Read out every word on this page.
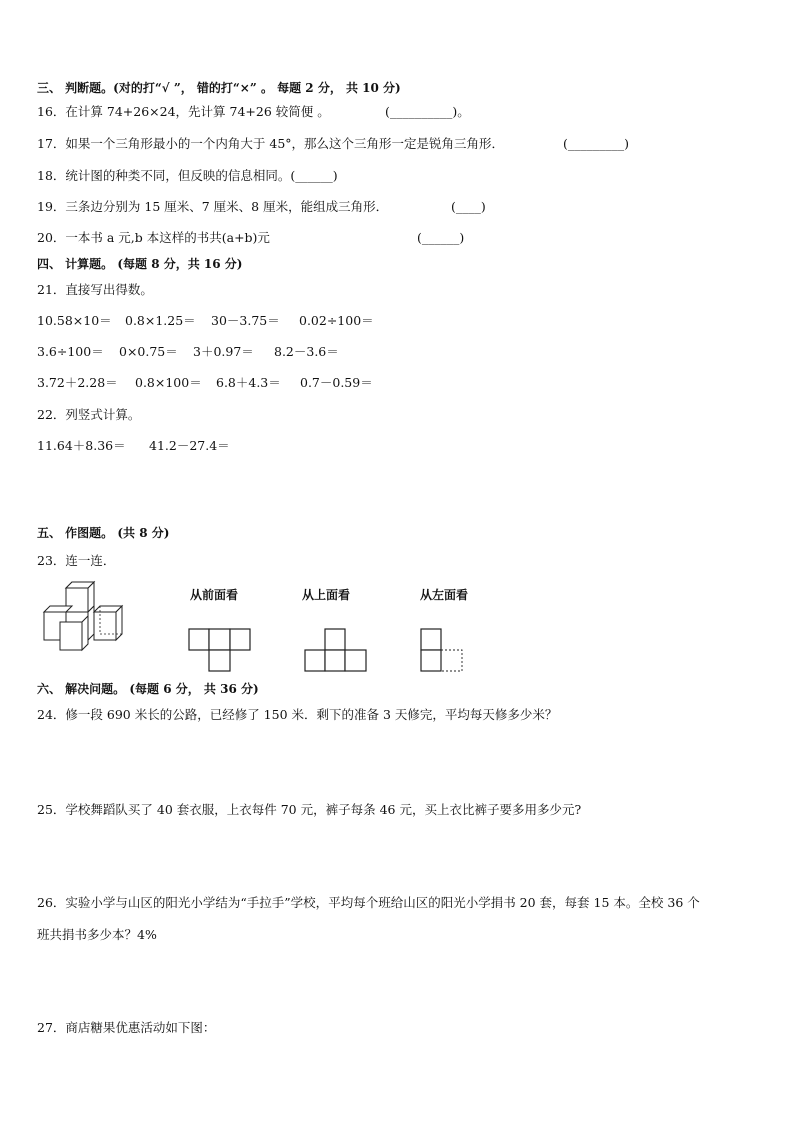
三、 判断题。(对的打“√ ”， 错的打“×” 。 每题 2 分， 共 10 分)
16．在计算 74+26×24，先计算 74+26 较简便 。	(__________)。
17．如果一个三角形最小的一个内角大于 45°，那么这个三角形一定是锐角三角形．	(_________)
18．统计图的种类不同，但反映的信息相同。(______)
19．三条边分别为 15 厘米、7 厘米、8 厘米，能组成三角形．	(____)
20．一本书 a 元,b 本这样的书共(a+b)元	(______)
四、 计算题。 (每题 8 分，共 16 分)
21．直接写出得数。
10.58×10＝ 0.8×1.25＝ 30－3.75＝ 0.02÷100＝
3.6÷100＝ 0×0.75＝ 3＋0.97＝ 8.2－3.6＝
3.72＋2.28＝ 0.8×100＝ 6.8＋4.3＝ 0.7－0.59＝
22．列竖式计算。
11.64＋8.36＝ 41.2－27.4＝
五、 作图题。 (共 8 分)
23．连一连．
从前面看	从上面看	从左面看
六、 解决问题。 (每题 6 分， 共 36 分)
24．修一段 690 米长的公路，已经修了 150 米．剩下的准备 3 天修完，平均每天修多少米？
25．学校舞蹈队买了 40 套衣服，上衣每件 70 元，裤子每条 46 元，买上衣比裤子要多用多少元?
26．实验小学与山区的阳光小学结为“手拉手”学校，平均每个班给山区的阳光小学捐书 20 套，每套 15 本。全校 36 个
班共捐书多少本？4%
27．商店糖果优惠活动如下图：
